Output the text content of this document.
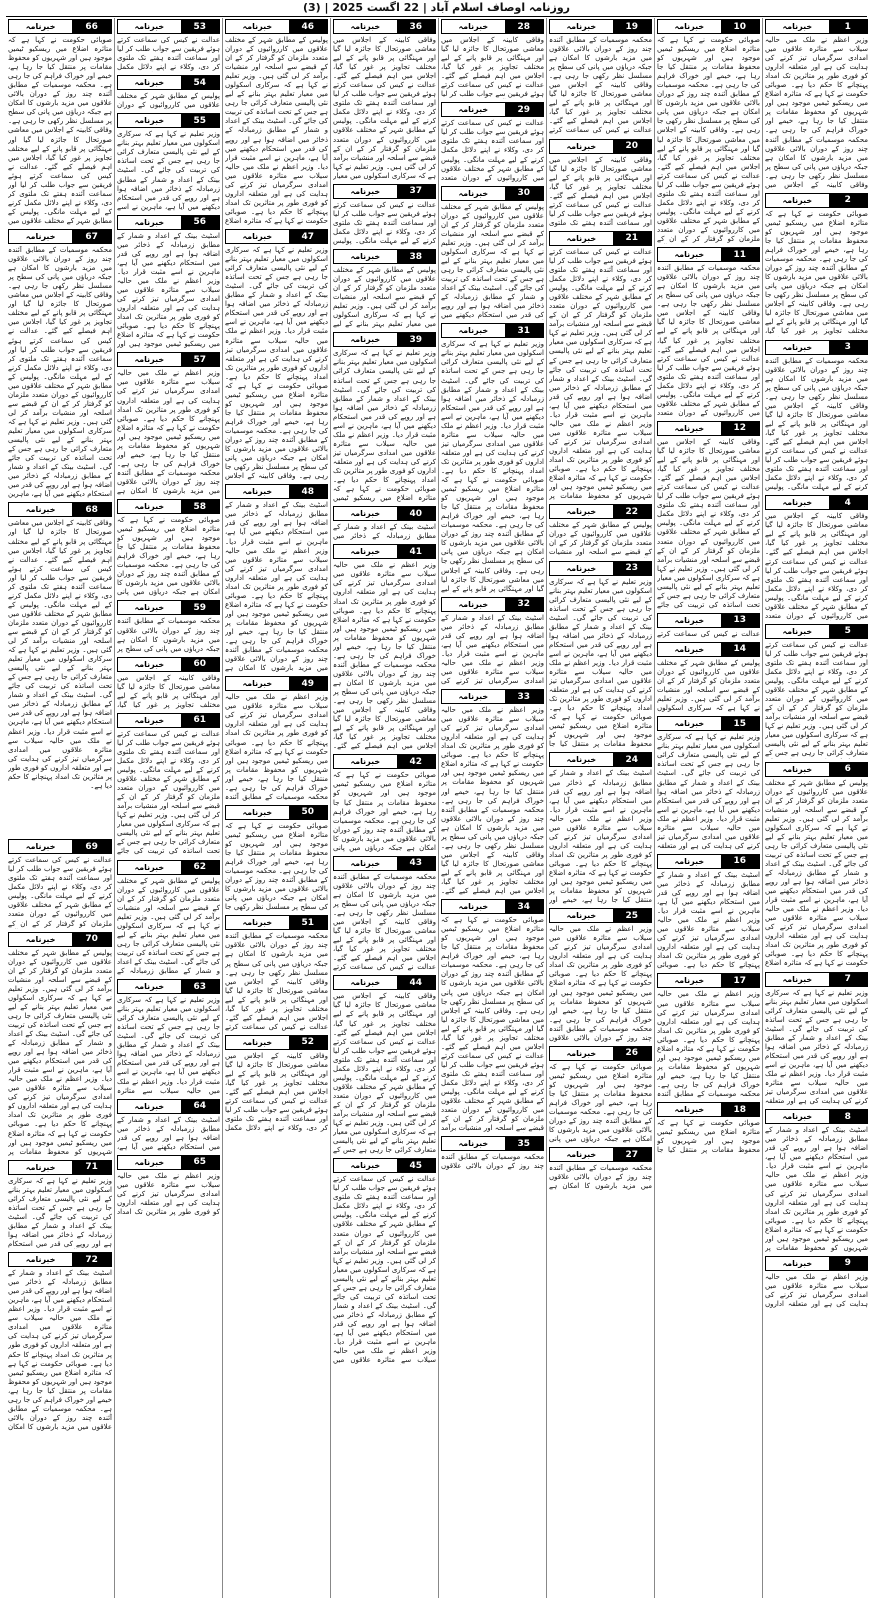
روزنامہ اوصاف اسلام آباد | 22 اگست 2025 | (3)
خبرنامہ	1
وزیر اعظم نے ملک میں حالیہ سیلاب سے متاثرہ علاقوں میں امدادی سرگرمیاں تیز کرنے کی ہدایت کی ہے اور متعلقہ اداروں کو فوری طور پر متاثرین تک امداد پہنچانے کا حکم دیا ہے۔ صوبائی حکومت نے کہا ہے کہ متاثرہ اضلاع میں ریسکیو ٹیمیں موجود ہیں اور شہریوں کو محفوظ مقامات پر منتقل کیا جا رہا ہے، خیمے اور خوراک فراہم کی جا رہی ہے۔ محکمہ موسمیات کے مطابق آئندہ چند روز کے دوران بالائی علاقوں میں مزید بارشوں کا امکان ہے جبکہ دریاؤں میں پانی کی سطح پر مسلسل نظر رکھی جا رہی ہے۔ وفاقی کابینہ کے اجلاس میں
خبرنامہ	2
صوبائی حکومت نے کہا ہے کہ متاثرہ اضلاع میں ریسکیو ٹیمیں موجود ہیں اور شہریوں کو محفوظ مقامات پر منتقل کیا جا رہا ہے، خیمے اور خوراک فراہم کی جا رہی ہے۔ محکمہ موسمیات کے مطابق آئندہ چند روز کے دوران بالائی علاقوں میں مزید بارشوں کا امکان ہے جبکہ دریاؤں میں پانی کی سطح پر مسلسل نظر رکھی جا رہی ہے۔ وفاقی کابینہ کے اجلاس میں معاشی صورتحال کا جائزہ لیا گیا اور مہنگائی پر قابو پانے کے لیے مختلف تجاویز پر غور کیا گیا،
خبرنامہ	3
محکمہ موسمیات کے مطابق آئندہ چند روز کے دوران بالائی علاقوں میں مزید بارشوں کا امکان ہے جبکہ دریاؤں میں پانی کی سطح پر مسلسل نظر رکھی جا رہی ہے۔ وفاقی کابینہ کے اجلاس میں معاشی صورتحال کا جائزہ لیا گیا اور مہنگائی پر قابو پانے کے لیے مختلف تجاویز پر غور کیا گیا، اجلاس میں اہم فیصلے کیے گئے۔ عدالت نے کیس کی سماعت کرتے ہوئے فریقین سے جواب طلب کر لیا اور سماعت آئندہ ہفتے تک ملتوی کر دی، وکلاء نے اپنے دلائل مکمل کرنے کے لیے مہلت مانگی۔ پولیس
خبرنامہ	4
وفاقی کابینہ کے اجلاس میں معاشی صورتحال کا جائزہ لیا گیا اور مہنگائی پر قابو پانے کے لیے مختلف تجاویز پر غور کیا گیا، اجلاس میں اہم فیصلے کیے گئے۔ عدالت نے کیس کی سماعت کرتے ہوئے فریقین سے جواب طلب کر لیا اور سماعت آئندہ ہفتے تک ملتوی کر دی، وکلاء نے اپنے دلائل مکمل کرنے کے لیے مہلت مانگی۔ پولیس کے مطابق شہر کے مختلف علاقوں میں کارروائیوں کے دوران متعدد
خبرنامہ	5
عدالت نے کیس کی سماعت کرتے ہوئے فریقین سے جواب طلب کر لیا اور سماعت آئندہ ہفتے تک ملتوی کر دی، وکلاء نے اپنے دلائل مکمل کرنے کے لیے مہلت مانگی۔ پولیس کے مطابق شہر کے مختلف علاقوں میں کارروائیوں کے دوران متعدد ملزمان کو گرفتار کر کے ان کے قبضے سے اسلحہ اور منشیات برآمد کر لی گئی ہیں۔ وزیر تعلیم نے کہا ہے کہ سرکاری اسکولوں میں معیار تعلیم بہتر بنانے کے لیے نئی پالیسی متعارف کرائی جا رہی ہے جس کے
خبرنامہ	6
پولیس کے مطابق شہر کے مختلف علاقوں میں کارروائیوں کے دوران متعدد ملزمان کو گرفتار کر کے ان کے قبضے سے اسلحہ اور منشیات برآمد کر لی گئی ہیں۔ وزیر تعلیم نے کہا ہے کہ سرکاری اسکولوں میں معیار تعلیم بہتر بنانے کے لیے نئی پالیسی متعارف کرائی جا رہی ہے جس کے تحت اساتذہ کی تربیت کی جائے گی۔ اسٹیٹ بینک کے اعداد و شمار کے مطابق زرمبادلہ کے ذخائر میں اضافہ ہوا ہے اور روپے کی قدر میں استحکام دیکھنے میں آیا ہے، ماہرین نے اسے مثبت قرار دیا۔ وزیر اعظم نے ملک میں حالیہ سیلاب سے متاثرہ علاقوں میں امدادی سرگرمیاں تیز کرنے کی ہدایت کی ہے اور متعلقہ اداروں کو فوری طور پر متاثرین تک امداد پہنچانے کا حکم دیا ہے۔ صوبائی حکومت نے کہا ہے کہ متاثرہ اضلاع
خبرنامہ	7
وزیر تعلیم نے کہا ہے کہ سرکاری اسکولوں میں معیار تعلیم بہتر بنانے کے لیے نئی پالیسی متعارف کرائی جا رہی ہے جس کے تحت اساتذہ کی تربیت کی جائے گی۔ اسٹیٹ بینک کے اعداد و شمار کے مطابق زرمبادلہ کے ذخائر میں اضافہ ہوا ہے اور روپے کی قدر میں استحکام دیکھنے میں آیا ہے، ماہرین نے اسے مثبت قرار دیا۔ وزیر اعظم نے ملک میں حالیہ سیلاب سے متاثرہ علاقوں میں امدادی سرگرمیاں تیز کرنے کی ہدایت کی ہے اور متعلقہ
خبرنامہ	8
اسٹیٹ بینک کے اعداد و شمار کے مطابق زرمبادلہ کے ذخائر میں اضافہ ہوا ہے اور روپے کی قدر میں استحکام دیکھنے میں آیا ہے، ماہرین نے اسے مثبت قرار دیا۔ وزیر اعظم نے ملک میں حالیہ سیلاب سے متاثرہ علاقوں میں امدادی سرگرمیاں تیز کرنے کی ہدایت کی ہے اور متعلقہ اداروں کو فوری طور پر متاثرین تک امداد پہنچانے کا حکم دیا ہے۔ صوبائی حکومت نے کہا ہے کہ متاثرہ اضلاع میں ریسکیو ٹیمیں موجود ہیں اور شہریوں کو محفوظ مقامات پر
خبرنامہ	9
وزیر اعظم نے ملک میں حالیہ سیلاب سے متاثرہ علاقوں میں امدادی سرگرمیاں تیز کرنے کی ہدایت کی ہے اور متعلقہ اداروں
خبرنامہ	10
صوبائی حکومت نے کہا ہے کہ متاثرہ اضلاع میں ریسکیو ٹیمیں موجود ہیں اور شہریوں کو محفوظ مقامات پر منتقل کیا جا رہا ہے، خیمے اور خوراک فراہم کی جا رہی ہے۔ محکمہ موسمیات کے مطابق آئندہ چند روز کے دوران بالائی علاقوں میں مزید بارشوں کا امکان ہے جبکہ دریاؤں میں پانی کی سطح پر مسلسل نظر رکھی جا رہی ہے۔ وفاقی کابینہ کے اجلاس میں معاشی صورتحال کا جائزہ لیا گیا اور مہنگائی پر قابو پانے کے لیے مختلف تجاویز پر غور کیا گیا، اجلاس میں اہم فیصلے کیے گئے۔ عدالت نے کیس کی سماعت کرتے ہوئے فریقین سے جواب طلب کر لیا اور سماعت آئندہ ہفتے تک ملتوی کر دی، وکلاء نے اپنے دلائل مکمل کرنے کے لیے مہلت مانگی۔ پولیس کے مطابق شہر کے مختلف علاقوں میں کارروائیوں کے دوران متعدد ملزمان کو گرفتار کر کے ان کے
خبرنامہ	11
محکمہ موسمیات کے مطابق آئندہ چند روز کے دوران بالائی علاقوں میں مزید بارشوں کا امکان ہے جبکہ دریاؤں میں پانی کی سطح پر مسلسل نظر رکھی جا رہی ہے۔ وفاقی کابینہ کے اجلاس میں معاشی صورتحال کا جائزہ لیا گیا اور مہنگائی پر قابو پانے کے لیے مختلف تجاویز پر غور کیا گیا، اجلاس میں اہم فیصلے کیے گئے۔ عدالت نے کیس کی سماعت کرتے ہوئے فریقین سے جواب طلب کر لیا اور سماعت آئندہ ہفتے تک ملتوی کر دی، وکلاء نے اپنے دلائل مکمل کرنے کے لیے مہلت مانگی۔ پولیس کے مطابق شہر کے مختلف علاقوں میں کارروائیوں کے دوران متعدد
خبرنامہ	12
وفاقی کابینہ کے اجلاس میں معاشی صورتحال کا جائزہ لیا گیا اور مہنگائی پر قابو پانے کے لیے مختلف تجاویز پر غور کیا گیا، اجلاس میں اہم فیصلے کیے گئے۔ عدالت نے کیس کی سماعت کرتے ہوئے فریقین سے جواب طلب کر لیا اور سماعت آئندہ ہفتے تک ملتوی کر دی، وکلاء نے اپنے دلائل مکمل کرنے کے لیے مہلت مانگی۔ پولیس کے مطابق شہر کے مختلف علاقوں میں کارروائیوں کے دوران متعدد ملزمان کو گرفتار کر کے ان کے قبضے سے اسلحہ اور منشیات برآمد کر لی گئی ہیں۔ وزیر تعلیم نے کہا ہے کہ سرکاری اسکولوں میں معیار تعلیم بہتر بنانے کے لیے نئی پالیسی متعارف کرائی جا رہی ہے جس کے تحت اساتذہ کی تربیت کی جائے
خبرنامہ	13
عدالت نے کیس کی سماعت کرتے
خبرنامہ	14
پولیس کے مطابق شہر کے مختلف علاقوں میں کارروائیوں کے دوران متعدد ملزمان کو گرفتار کر کے ان کے قبضے سے اسلحہ اور منشیات برآمد کر لی گئی ہیں۔ وزیر تعلیم نے کہا ہے کہ سرکاری اسکولوں
خبرنامہ	15
وزیر تعلیم نے کہا ہے کہ سرکاری اسکولوں میں معیار تعلیم بہتر بنانے کے لیے نئی پالیسی متعارف کرائی جا رہی ہے جس کے تحت اساتذہ کی تربیت کی جائے گی۔ اسٹیٹ بینک کے اعداد و شمار کے مطابق زرمبادلہ کے ذخائر میں اضافہ ہوا ہے اور روپے کی قدر میں استحکام دیکھنے میں آیا ہے، ماہرین نے اسے مثبت قرار دیا۔ وزیر اعظم نے ملک میں حالیہ سیلاب سے متاثرہ علاقوں میں امدادی سرگرمیاں تیز کرنے کی ہدایت کی ہے اور متعلقہ
خبرنامہ	16
اسٹیٹ بینک کے اعداد و شمار کے مطابق زرمبادلہ کے ذخائر میں اضافہ ہوا ہے اور روپے کی قدر میں استحکام دیکھنے میں آیا ہے، ماہرین نے اسے مثبت قرار دیا۔ وزیر اعظم نے ملک میں حالیہ سیلاب سے متاثرہ علاقوں میں امدادی سرگرمیاں تیز کرنے کی ہدایت کی ہے اور متعلقہ اداروں کو فوری طور پر متاثرین تک امداد پہنچانے کا حکم دیا ہے۔ صوبائی
خبرنامہ	17
وزیر اعظم نے ملک میں حالیہ سیلاب سے متاثرہ علاقوں میں امدادی سرگرمیاں تیز کرنے کی ہدایت کی ہے اور متعلقہ اداروں کو فوری طور پر متاثرین تک امداد پہنچانے کا حکم دیا ہے۔ صوبائی حکومت نے کہا ہے کہ متاثرہ اضلاع میں ریسکیو ٹیمیں موجود ہیں اور شہریوں کو محفوظ مقامات پر منتقل کیا جا رہا ہے، خیمے اور خوراک فراہم کی جا رہی ہے۔ محکمہ موسمیات کے مطابق آئندہ
خبرنامہ	18
صوبائی حکومت نے کہا ہے کہ متاثرہ اضلاع میں ریسکیو ٹیمیں موجود ہیں اور شہریوں کو محفوظ مقامات پر منتقل کیا جا
خبرنامہ	19
محکمہ موسمیات کے مطابق آئندہ چند روز کے دوران بالائی علاقوں میں مزید بارشوں کا امکان ہے جبکہ دریاؤں میں پانی کی سطح پر مسلسل نظر رکھی جا رہی ہے۔ وفاقی کابینہ کے اجلاس میں معاشی صورتحال کا جائزہ لیا گیا اور مہنگائی پر قابو پانے کے لیے مختلف تجاویز پر غور کیا گیا، اجلاس میں اہم فیصلے کیے گئے۔ عدالت نے کیس کی سماعت کرتے
خبرنامہ	20
وفاقی کابینہ کے اجلاس میں معاشی صورتحال کا جائزہ لیا گیا اور مہنگائی پر قابو پانے کے لیے مختلف تجاویز پر غور کیا گیا، اجلاس میں اہم فیصلے کیے گئے۔ عدالت نے کیس کی سماعت کرتے ہوئے فریقین سے جواب طلب کر لیا اور سماعت آئندہ ہفتے تک ملتوی
خبرنامہ	21
عدالت نے کیس کی سماعت کرتے ہوئے فریقین سے جواب طلب کر لیا اور سماعت آئندہ ہفتے تک ملتوی کر دی، وکلاء نے اپنے دلائل مکمل کرنے کے لیے مہلت مانگی۔ پولیس کے مطابق شہر کے مختلف علاقوں میں کارروائیوں کے دوران متعدد ملزمان کو گرفتار کر کے ان کے قبضے سے اسلحہ اور منشیات برآمد کر لی گئی ہیں۔ وزیر تعلیم نے کہا ہے کہ سرکاری اسکولوں میں معیار تعلیم بہتر بنانے کے لیے نئی پالیسی متعارف کرائی جا رہی ہے جس کے تحت اساتذہ کی تربیت کی جائے گی۔ اسٹیٹ بینک کے اعداد و شمار کے مطابق زرمبادلہ کے ذخائر میں اضافہ ہوا ہے اور روپے کی قدر میں استحکام دیکھنے میں آیا ہے، ماہرین نے اسے مثبت قرار دیا۔ وزیر اعظم نے ملک میں حالیہ سیلاب سے متاثرہ علاقوں میں امدادی سرگرمیاں تیز کرنے کی ہدایت کی ہے اور متعلقہ اداروں کو فوری طور پر متاثرین تک امداد پہنچانے کا حکم دیا ہے۔ صوبائی حکومت نے کہا ہے کہ متاثرہ اضلاع میں ریسکیو ٹیمیں موجود ہیں اور شہریوں کو محفوظ مقامات پر
خبرنامہ	22
پولیس کے مطابق شہر کے مختلف علاقوں میں کارروائیوں کے دوران متعدد ملزمان کو گرفتار کر کے ان کے قبضے سے اسلحہ اور منشیات
خبرنامہ	23
وزیر تعلیم نے کہا ہے کہ سرکاری اسکولوں میں معیار تعلیم بہتر بنانے کے لیے نئی پالیسی متعارف کرائی جا رہی ہے جس کے تحت اساتذہ کی تربیت کی جائے گی۔ اسٹیٹ بینک کے اعداد و شمار کے مطابق زرمبادلہ کے ذخائر میں اضافہ ہوا ہے اور روپے کی قدر میں استحکام دیکھنے میں آیا ہے، ماہرین نے اسے مثبت قرار دیا۔ وزیر اعظم نے ملک میں حالیہ سیلاب سے متاثرہ علاقوں میں امدادی سرگرمیاں تیز کرنے کی ہدایت کی ہے اور متعلقہ اداروں کو فوری طور پر متاثرین تک امداد پہنچانے کا حکم دیا ہے۔ صوبائی حکومت نے کہا ہے کہ متاثرہ اضلاع میں ریسکیو ٹیمیں موجود ہیں اور شہریوں کو محفوظ مقامات پر منتقل کیا جا
خبرنامہ	24
اسٹیٹ بینک کے اعداد و شمار کے مطابق زرمبادلہ کے ذخائر میں اضافہ ہوا ہے اور روپے کی قدر میں استحکام دیکھنے میں آیا ہے، ماہرین نے اسے مثبت قرار دیا۔ وزیر اعظم نے ملک میں حالیہ سیلاب سے متاثرہ علاقوں میں امدادی سرگرمیاں تیز کرنے کی ہدایت کی ہے اور متعلقہ اداروں کو فوری طور پر متاثرین تک امداد پہنچانے کا حکم دیا ہے۔ صوبائی حکومت نے کہا ہے کہ متاثرہ اضلاع میں ریسکیو ٹیمیں موجود ہیں اور شہریوں کو محفوظ مقامات پر منتقل کیا جا رہا ہے، خیمے اور
خبرنامہ	25
وزیر اعظم نے ملک میں حالیہ سیلاب سے متاثرہ علاقوں میں امدادی سرگرمیاں تیز کرنے کی ہدایت کی ہے اور متعلقہ اداروں کو فوری طور پر متاثرین تک امداد پہنچانے کا حکم دیا ہے۔ صوبائی حکومت نے کہا ہے کہ متاثرہ اضلاع میں ریسکیو ٹیمیں موجود ہیں اور شہریوں کو محفوظ مقامات پر منتقل کیا جا رہا ہے، خیمے اور خوراک فراہم کی جا رہی ہے۔ محکمہ موسمیات کے مطابق آئندہ چند روز کے دوران بالائی علاقوں
خبرنامہ	26
صوبائی حکومت نے کہا ہے کہ متاثرہ اضلاع میں ریسکیو ٹیمیں موجود ہیں اور شہریوں کو محفوظ مقامات پر منتقل کیا جا رہا ہے، خیمے اور خوراک فراہم کی جا رہی ہے۔ محکمہ موسمیات کے مطابق آئندہ چند روز کے دوران بالائی علاقوں میں مزید بارشوں کا امکان ہے جبکہ دریاؤں میں پانی
خبرنامہ	27
محکمہ موسمیات کے مطابق آئندہ چند روز کے دوران بالائی علاقوں میں مزید بارشوں کا امکان ہے
خبرنامہ	28
وفاقی کابینہ کے اجلاس میں معاشی صورتحال کا جائزہ لیا گیا اور مہنگائی پر قابو پانے کے لیے مختلف تجاویز پر غور کیا گیا، اجلاس میں اہم فیصلے کیے گئے۔ عدالت نے کیس کی سماعت کرتے ہوئے فریقین سے جواب طلب کر لیا
خبرنامہ	29
عدالت نے کیس کی سماعت کرتے ہوئے فریقین سے جواب طلب کر لیا اور سماعت آئندہ ہفتے تک ملتوی کر دی، وکلاء نے اپنے دلائل مکمل کرنے کے لیے مہلت مانگی۔ پولیس کے مطابق شہر کے مختلف علاقوں میں کارروائیوں کے دوران متعدد
خبرنامہ	30
پولیس کے مطابق شہر کے مختلف علاقوں میں کارروائیوں کے دوران متعدد ملزمان کو گرفتار کر کے ان کے قبضے سے اسلحہ اور منشیات برآمد کر لی گئی ہیں۔ وزیر تعلیم نے کہا ہے کہ سرکاری اسکولوں میں معیار تعلیم بہتر بنانے کے لیے نئی پالیسی متعارف کرائی جا رہی ہے جس کے تحت اساتذہ کی تربیت کی جائے گی۔ اسٹیٹ بینک کے اعداد و شمار کے مطابق زرمبادلہ کے ذخائر میں اضافہ ہوا ہے اور روپے کی قدر میں استحکام دیکھنے میں
خبرنامہ	31
وزیر تعلیم نے کہا ہے کہ سرکاری اسکولوں میں معیار تعلیم بہتر بنانے کے لیے نئی پالیسی متعارف کرائی جا رہی ہے جس کے تحت اساتذہ کی تربیت کی جائے گی۔ اسٹیٹ بینک کے اعداد و شمار کے مطابق زرمبادلہ کے ذخائر میں اضافہ ہوا ہے اور روپے کی قدر میں استحکام دیکھنے میں آیا ہے، ماہرین نے اسے مثبت قرار دیا۔ وزیر اعظم نے ملک میں حالیہ سیلاب سے متاثرہ علاقوں میں امدادی سرگرمیاں تیز کرنے کی ہدایت کی ہے اور متعلقہ اداروں کو فوری طور پر متاثرین تک امداد پہنچانے کا حکم دیا ہے۔ صوبائی حکومت نے کہا ہے کہ متاثرہ اضلاع میں ریسکیو ٹیمیں موجود ہیں اور شہریوں کو محفوظ مقامات پر منتقل کیا جا رہا ہے، خیمے اور خوراک فراہم کی جا رہی ہے۔ محکمہ موسمیات کے مطابق آئندہ چند روز کے دوران بالائی علاقوں میں مزید بارشوں کا امکان ہے جبکہ دریاؤں میں پانی کی سطح پر مسلسل نظر رکھی جا رہی ہے۔ وفاقی کابینہ کے اجلاس میں معاشی صورتحال کا جائزہ لیا گیا اور مہنگائی پر قابو پانے کے لیے
خبرنامہ	32
اسٹیٹ بینک کے اعداد و شمار کے مطابق زرمبادلہ کے ذخائر میں اضافہ ہوا ہے اور روپے کی قدر میں استحکام دیکھنے میں آیا ہے، ماہرین نے اسے مثبت قرار دیا۔ وزیر اعظم نے ملک میں حالیہ سیلاب سے متاثرہ علاقوں میں امدادی سرگرمیاں تیز کرنے کی
خبرنامہ	33
وزیر اعظم نے ملک میں حالیہ سیلاب سے متاثرہ علاقوں میں امدادی سرگرمیاں تیز کرنے کی ہدایت کی ہے اور متعلقہ اداروں کو فوری طور پر متاثرین تک امداد پہنچانے کا حکم دیا ہے۔ صوبائی حکومت نے کہا ہے کہ متاثرہ اضلاع میں ریسکیو ٹیمیں موجود ہیں اور شہریوں کو محفوظ مقامات پر منتقل کیا جا رہا ہے، خیمے اور خوراک فراہم کی جا رہی ہے۔ محکمہ موسمیات کے مطابق آئندہ چند روز کے دوران بالائی علاقوں میں مزید بارشوں کا امکان ہے جبکہ دریاؤں میں پانی کی سطح پر مسلسل نظر رکھی جا رہی ہے۔ وفاقی کابینہ کے اجلاس میں معاشی صورتحال کا جائزہ لیا گیا اور مہنگائی پر قابو پانے کے لیے مختلف تجاویز پر غور کیا گیا، اجلاس میں اہم فیصلے کیے گئے۔
خبرنامہ	34
صوبائی حکومت نے کہا ہے کہ متاثرہ اضلاع میں ریسکیو ٹیمیں موجود ہیں اور شہریوں کو محفوظ مقامات پر منتقل کیا جا رہا ہے، خیمے اور خوراک فراہم کی جا رہی ہے۔ محکمہ موسمیات کے مطابق آئندہ چند روز کے دوران بالائی علاقوں میں مزید بارشوں کا امکان ہے جبکہ دریاؤں میں پانی کی سطح پر مسلسل نظر رکھی جا رہی ہے۔ وفاقی کابینہ کے اجلاس میں معاشی صورتحال کا جائزہ لیا گیا اور مہنگائی پر قابو پانے کے لیے مختلف تجاویز پر غور کیا گیا، اجلاس میں اہم فیصلے کیے گئے۔ عدالت نے کیس کی سماعت کرتے ہوئے فریقین سے جواب طلب کر لیا اور سماعت آئندہ ہفتے تک ملتوی کر دی، وکلاء نے اپنے دلائل مکمل کرنے کے لیے مہلت مانگی۔ پولیس کے مطابق شہر کے مختلف علاقوں میں کارروائیوں کے دوران متعدد ملزمان کو گرفتار کر کے ان کے قبضے سے اسلحہ اور منشیات برآمد
خبرنامہ	35
محکمہ موسمیات کے مطابق آئندہ چند روز کے دوران بالائی علاقوں
خبرنامہ	36
وفاقی کابینہ کے اجلاس میں معاشی صورتحال کا جائزہ لیا گیا اور مہنگائی پر قابو پانے کے لیے مختلف تجاویز پر غور کیا گیا، اجلاس میں اہم فیصلے کیے گئے۔ عدالت نے کیس کی سماعت کرتے ہوئے فریقین سے جواب طلب کر لیا اور سماعت آئندہ ہفتے تک ملتوی کر دی، وکلاء نے اپنے دلائل مکمل کرنے کے لیے مہلت مانگی۔ پولیس کے مطابق شہر کے مختلف علاقوں میں کارروائیوں کے دوران متعدد ملزمان کو گرفتار کر کے ان کے قبضے سے اسلحہ اور منشیات برآمد کر لی گئی ہیں۔ وزیر تعلیم نے کہا ہے کہ سرکاری اسکولوں میں معیار
خبرنامہ	37
عدالت نے کیس کی سماعت کرتے ہوئے فریقین سے جواب طلب کر لیا اور سماعت آئندہ ہفتے تک ملتوی کر دی، وکلاء نے اپنے دلائل مکمل کرنے کے لیے مہلت مانگی۔ پولیس
خبرنامہ	38
پولیس کے مطابق شہر کے مختلف علاقوں میں کارروائیوں کے دوران متعدد ملزمان کو گرفتار کر کے ان کے قبضے سے اسلحہ اور منشیات برآمد کر لی گئی ہیں۔ وزیر تعلیم نے کہا ہے کہ سرکاری اسکولوں میں معیار تعلیم بہتر بنانے کے لیے
خبرنامہ	39
وزیر تعلیم نے کہا ہے کہ سرکاری اسکولوں میں معیار تعلیم بہتر بنانے کے لیے نئی پالیسی متعارف کرائی جا رہی ہے جس کے تحت اساتذہ کی تربیت کی جائے گی۔ اسٹیٹ بینک کے اعداد و شمار کے مطابق زرمبادلہ کے ذخائر میں اضافہ ہوا ہے اور روپے کی قدر میں استحکام دیکھنے میں آیا ہے، ماہرین نے اسے مثبت قرار دیا۔ وزیر اعظم نے ملک میں حالیہ سیلاب سے متاثرہ علاقوں میں امدادی سرگرمیاں تیز کرنے کی ہدایت کی ہے اور متعلقہ اداروں کو فوری طور پر متاثرین تک امداد پہنچانے کا حکم دیا ہے۔ صوبائی حکومت نے کہا ہے کہ متاثرہ اضلاع میں ریسکیو ٹیمیں
خبرنامہ	40
اسٹیٹ بینک کے اعداد و شمار کے مطابق زرمبادلہ کے ذخائر میں
خبرنامہ	41
وزیر اعظم نے ملک میں حالیہ سیلاب سے متاثرہ علاقوں میں امدادی سرگرمیاں تیز کرنے کی ہدایت کی ہے اور متعلقہ اداروں کو فوری طور پر متاثرین تک امداد پہنچانے کا حکم دیا ہے۔ صوبائی حکومت نے کہا ہے کہ متاثرہ اضلاع میں ریسکیو ٹیمیں موجود ہیں اور شہریوں کو محفوظ مقامات پر منتقل کیا جا رہا ہے، خیمے اور خوراک فراہم کی جا رہی ہے۔ محکمہ موسمیات کے مطابق آئندہ چند روز کے دوران بالائی علاقوں میں مزید بارشوں کا امکان ہے جبکہ دریاؤں میں پانی کی سطح پر مسلسل نظر رکھی جا رہی ہے۔ وفاقی کابینہ کے اجلاس میں معاشی صورتحال کا جائزہ لیا گیا اور مہنگائی پر قابو پانے کے لیے مختلف تجاویز پر غور کیا گیا، اجلاس میں اہم فیصلے کیے گئے۔
خبرنامہ	42
صوبائی حکومت نے کہا ہے کہ متاثرہ اضلاع میں ریسکیو ٹیمیں موجود ہیں اور شہریوں کو محفوظ مقامات پر منتقل کیا جا رہا ہے، خیمے اور خوراک فراہم کی جا رہی ہے۔ محکمہ موسمیات کے مطابق آئندہ چند روز کے دوران بالائی علاقوں میں مزید بارشوں کا امکان ہے جبکہ دریاؤں میں پانی
خبرنامہ	43
محکمہ موسمیات کے مطابق آئندہ چند روز کے دوران بالائی علاقوں میں مزید بارشوں کا امکان ہے جبکہ دریاؤں میں پانی کی سطح پر مسلسل نظر رکھی جا رہی ہے۔ وفاقی کابینہ کے اجلاس میں معاشی صورتحال کا جائزہ لیا گیا اور مہنگائی پر قابو پانے کے لیے مختلف تجاویز پر غور کیا گیا، اجلاس میں اہم فیصلے کیے گئے۔ عدالت نے کیس کی سماعت کرتے
خبرنامہ	44
وفاقی کابینہ کے اجلاس میں معاشی صورتحال کا جائزہ لیا گیا اور مہنگائی پر قابو پانے کے لیے مختلف تجاویز پر غور کیا گیا، اجلاس میں اہم فیصلے کیے گئے۔ عدالت نے کیس کی سماعت کرتے ہوئے فریقین سے جواب طلب کر لیا اور سماعت آئندہ ہفتے تک ملتوی کر دی، وکلاء نے اپنے دلائل مکمل کرنے کے لیے مہلت مانگی۔ پولیس کے مطابق شہر کے مختلف علاقوں میں کارروائیوں کے دوران متعدد ملزمان کو گرفتار کر کے ان کے قبضے سے اسلحہ اور منشیات برآمد کر لی گئی ہیں۔ وزیر تعلیم نے کہا ہے کہ سرکاری اسکولوں میں معیار تعلیم بہتر بنانے کے لیے نئی پالیسی متعارف کرائی جا رہی ہے جس کے
خبرنامہ	45
عدالت نے کیس کی سماعت کرتے ہوئے فریقین سے جواب طلب کر لیا اور سماعت آئندہ ہفتے تک ملتوی کر دی، وکلاء نے اپنے دلائل مکمل کرنے کے لیے مہلت مانگی۔ پولیس کے مطابق شہر کے مختلف علاقوں میں کارروائیوں کے دوران متعدد ملزمان کو گرفتار کر کے ان کے قبضے سے اسلحہ اور منشیات برآمد کر لی گئی ہیں۔ وزیر تعلیم نے کہا ہے کہ سرکاری اسکولوں میں معیار تعلیم بہتر بنانے کے لیے نئی پالیسی متعارف کرائی جا رہی ہے جس کے تحت اساتذہ کی تربیت کی جائے گی۔ اسٹیٹ بینک کے اعداد و شمار کے مطابق زرمبادلہ کے ذخائر میں اضافہ ہوا ہے اور روپے کی قدر میں استحکام دیکھنے میں آیا ہے، ماہرین نے اسے مثبت قرار دیا۔ وزیر اعظم نے ملک میں حالیہ سیلاب سے متاثرہ علاقوں میں
خبرنامہ	46
پولیس کے مطابق شہر کے مختلف علاقوں میں کارروائیوں کے دوران متعدد ملزمان کو گرفتار کر کے ان کے قبضے سے اسلحہ اور منشیات برآمد کر لی گئی ہیں۔ وزیر تعلیم نے کہا ہے کہ سرکاری اسکولوں میں معیار تعلیم بہتر بنانے کے لیے نئی پالیسی متعارف کرائی جا رہی ہے جس کے تحت اساتذہ کی تربیت کی جائے گی۔ اسٹیٹ بینک کے اعداد و شمار کے مطابق زرمبادلہ کے ذخائر میں اضافہ ہوا ہے اور روپے کی قدر میں استحکام دیکھنے میں آیا ہے، ماہرین نے اسے مثبت قرار دیا۔ وزیر اعظم نے ملک میں حالیہ سیلاب سے متاثرہ علاقوں میں امدادی سرگرمیاں تیز کرنے کی ہدایت کی ہے اور متعلقہ اداروں کو فوری طور پر متاثرین تک امداد پہنچانے کا حکم دیا ہے۔ صوبائی حکومت نے کہا ہے کہ متاثرہ اضلاع
خبرنامہ	47
وزیر تعلیم نے کہا ہے کہ سرکاری اسکولوں میں معیار تعلیم بہتر بنانے کے لیے نئی پالیسی متعارف کرائی جا رہی ہے جس کے تحت اساتذہ کی تربیت کی جائے گی۔ اسٹیٹ بینک کے اعداد و شمار کے مطابق زرمبادلہ کے ذخائر میں اضافہ ہوا ہے اور روپے کی قدر میں استحکام دیکھنے میں آیا ہے، ماہرین نے اسے مثبت قرار دیا۔ وزیر اعظم نے ملک میں حالیہ سیلاب سے متاثرہ علاقوں میں امدادی سرگرمیاں تیز کرنے کی ہدایت کی ہے اور متعلقہ اداروں کو فوری طور پر متاثرین تک امداد پہنچانے کا حکم دیا ہے۔ صوبائی حکومت نے کہا ہے کہ متاثرہ اضلاع میں ریسکیو ٹیمیں موجود ہیں اور شہریوں کو محفوظ مقامات پر منتقل کیا جا رہا ہے، خیمے اور خوراک فراہم کی جا رہی ہے۔ محکمہ موسمیات کے مطابق آئندہ چند روز کے دوران بالائی علاقوں میں مزید بارشوں کا امکان ہے جبکہ دریاؤں میں پانی کی سطح پر مسلسل نظر رکھی جا رہی ہے۔ وفاقی کابینہ کے اجلاس
خبرنامہ	48
اسٹیٹ بینک کے اعداد و شمار کے مطابق زرمبادلہ کے ذخائر میں اضافہ ہوا ہے اور روپے کی قدر میں استحکام دیکھنے میں آیا ہے، ماہرین نے اسے مثبت قرار دیا۔ وزیر اعظم نے ملک میں حالیہ سیلاب سے متاثرہ علاقوں میں امدادی سرگرمیاں تیز کرنے کی ہدایت کی ہے اور متعلقہ اداروں کو فوری طور پر متاثرین تک امداد پہنچانے کا حکم دیا ہے۔ صوبائی حکومت نے کہا ہے کہ متاثرہ اضلاع میں ریسکیو ٹیمیں موجود ہیں اور شہریوں کو محفوظ مقامات پر منتقل کیا جا رہا ہے، خیمے اور خوراک فراہم کی جا رہی ہے۔ محکمہ موسمیات کے مطابق آئندہ چند روز کے دوران بالائی علاقوں میں مزید بارشوں کا امکان ہے
خبرنامہ	49
وزیر اعظم نے ملک میں حالیہ سیلاب سے متاثرہ علاقوں میں امدادی سرگرمیاں تیز کرنے کی ہدایت کی ہے اور متعلقہ اداروں کو فوری طور پر متاثرین تک امداد پہنچانے کا حکم دیا ہے۔ صوبائی حکومت نے کہا ہے کہ متاثرہ اضلاع میں ریسکیو ٹیمیں موجود ہیں اور شہریوں کو محفوظ مقامات پر منتقل کیا جا رہا ہے، خیمے اور خوراک فراہم کی جا رہی ہے۔ محکمہ موسمیات کے مطابق آئندہ
خبرنامہ	50
صوبائی حکومت نے کہا ہے کہ متاثرہ اضلاع میں ریسکیو ٹیمیں موجود ہیں اور شہریوں کو محفوظ مقامات پر منتقل کیا جا رہا ہے، خیمے اور خوراک فراہم کی جا رہی ہے۔ محکمہ موسمیات کے مطابق آئندہ چند روز کے دوران بالائی علاقوں میں مزید بارشوں کا امکان ہے جبکہ دریاؤں میں پانی کی سطح پر مسلسل نظر رکھی جا
خبرنامہ	51
محکمہ موسمیات کے مطابق آئندہ چند روز کے دوران بالائی علاقوں میں مزید بارشوں کا امکان ہے جبکہ دریاؤں میں پانی کی سطح پر مسلسل نظر رکھی جا رہی ہے۔ وفاقی کابینہ کے اجلاس میں معاشی صورتحال کا جائزہ لیا گیا اور مہنگائی پر قابو پانے کے لیے مختلف تجاویز پر غور کیا گیا، اجلاس میں اہم فیصلے کیے گئے۔ عدالت نے کیس کی سماعت کرتے
خبرنامہ	52
وفاقی کابینہ کے اجلاس میں معاشی صورتحال کا جائزہ لیا گیا اور مہنگائی پر قابو پانے کے لیے مختلف تجاویز پر غور کیا گیا، اجلاس میں اہم فیصلے کیے گئے۔ عدالت نے کیس کی سماعت کرتے ہوئے فریقین سے جواب طلب کر لیا اور سماعت آئندہ ہفتے تک ملتوی کر دی، وکلاء نے اپنے دلائل مکمل
خبرنامہ	53
عدالت نے کیس کی سماعت کرتے ہوئے فریقین سے جواب طلب کر لیا اور سماعت آئندہ ہفتے تک ملتوی کر دی، وکلاء نے اپنے دلائل مکمل
خبرنامہ	54
پولیس کے مطابق شہر کے مختلف علاقوں میں کارروائیوں کے دوران
خبرنامہ	55
وزیر تعلیم نے کہا ہے کہ سرکاری اسکولوں میں معیار تعلیم بہتر بنانے کے لیے نئی پالیسی متعارف کرائی جا رہی ہے جس کے تحت اساتذہ کی تربیت کی جائے گی۔ اسٹیٹ بینک کے اعداد و شمار کے مطابق زرمبادلہ کے ذخائر میں اضافہ ہوا ہے اور روپے کی قدر میں استحکام دیکھنے میں آیا ہے، ماہرین نے اسے
خبرنامہ	56
اسٹیٹ بینک کے اعداد و شمار کے مطابق زرمبادلہ کے ذخائر میں اضافہ ہوا ہے اور روپے کی قدر میں استحکام دیکھنے میں آیا ہے، ماہرین نے اسے مثبت قرار دیا۔ وزیر اعظم نے ملک میں حالیہ سیلاب سے متاثرہ علاقوں میں امدادی سرگرمیاں تیز کرنے کی ہدایت کی ہے اور متعلقہ اداروں کو فوری طور پر متاثرین تک امداد پہنچانے کا حکم دیا ہے۔ صوبائی حکومت نے کہا ہے کہ متاثرہ اضلاع میں ریسکیو ٹیمیں موجود ہیں اور
خبرنامہ	57
وزیر اعظم نے ملک میں حالیہ سیلاب سے متاثرہ علاقوں میں امدادی سرگرمیاں تیز کرنے کی ہدایت کی ہے اور متعلقہ اداروں کو فوری طور پر متاثرین تک امداد پہنچانے کا حکم دیا ہے۔ صوبائی حکومت نے کہا ہے کہ متاثرہ اضلاع میں ریسکیو ٹیمیں موجود ہیں اور شہریوں کو محفوظ مقامات پر منتقل کیا جا رہا ہے، خیمے اور خوراک فراہم کی جا رہی ہے۔ محکمہ موسمیات کے مطابق آئندہ چند روز کے دوران بالائی علاقوں میں مزید بارشوں کا امکان ہے
خبرنامہ	58
صوبائی حکومت نے کہا ہے کہ متاثرہ اضلاع میں ریسکیو ٹیمیں موجود ہیں اور شہریوں کو محفوظ مقامات پر منتقل کیا جا رہا ہے، خیمے اور خوراک فراہم کی جا رہی ہے۔ محکمہ موسمیات کے مطابق آئندہ چند روز کے دوران بالائی علاقوں میں مزید بارشوں کا امکان ہے جبکہ دریاؤں میں پانی
خبرنامہ	59
محکمہ موسمیات کے مطابق آئندہ چند روز کے دوران بالائی علاقوں میں مزید بارشوں کا امکان ہے جبکہ دریاؤں میں پانی کی سطح پر
خبرنامہ	60
وفاقی کابینہ کے اجلاس میں معاشی صورتحال کا جائزہ لیا گیا اور مہنگائی پر قابو پانے کے لیے مختلف تجاویز پر غور کیا گیا،
خبرنامہ	61
عدالت نے کیس کی سماعت کرتے ہوئے فریقین سے جواب طلب کر لیا اور سماعت آئندہ ہفتے تک ملتوی کر دی، وکلاء نے اپنے دلائل مکمل کرنے کے لیے مہلت مانگی۔ پولیس کے مطابق شہر کے مختلف علاقوں میں کارروائیوں کے دوران متعدد ملزمان کو گرفتار کر کے ان کے قبضے سے اسلحہ اور منشیات برآمد کر لی گئی ہیں۔ وزیر تعلیم نے کہا ہے کہ سرکاری اسکولوں میں معیار تعلیم بہتر بنانے کے لیے نئی پالیسی متعارف کرائی جا رہی ہے جس کے تحت اساتذہ کی تربیت کی جائے
خبرنامہ	62
پولیس کے مطابق شہر کے مختلف علاقوں میں کارروائیوں کے دوران متعدد ملزمان کو گرفتار کر کے ان کے قبضے سے اسلحہ اور منشیات برآمد کر لی گئی ہیں۔ وزیر تعلیم نے کہا ہے کہ سرکاری اسکولوں میں معیار تعلیم بہتر بنانے کے لیے نئی پالیسی متعارف کرائی جا رہی ہے جس کے تحت اساتذہ کی تربیت کی جائے گی۔ اسٹیٹ بینک کے اعداد و شمار کے مطابق زرمبادلہ کے
خبرنامہ	63
وزیر تعلیم نے کہا ہے کہ سرکاری اسکولوں میں معیار تعلیم بہتر بنانے کے لیے نئی پالیسی متعارف کرائی جا رہی ہے جس کے تحت اساتذہ کی تربیت کی جائے گی۔ اسٹیٹ بینک کے اعداد و شمار کے مطابق زرمبادلہ کے ذخائر میں اضافہ ہوا ہے اور روپے کی قدر میں استحکام دیکھنے میں آیا ہے، ماہرین نے اسے مثبت قرار دیا۔ وزیر اعظم نے ملک میں حالیہ سیلاب سے متاثرہ
خبرنامہ	64
اسٹیٹ بینک کے اعداد و شمار کے مطابق زرمبادلہ کے ذخائر میں اضافہ ہوا ہے اور روپے کی قدر میں استحکام دیکھنے میں آیا ہے،
خبرنامہ	65
وزیر اعظم نے ملک میں حالیہ سیلاب سے متاثرہ علاقوں میں امدادی سرگرمیاں تیز کرنے کی ہدایت کی ہے اور متعلقہ اداروں کو فوری طور پر متاثرین تک امداد
خبرنامہ	66
صوبائی حکومت نے کہا ہے کہ متاثرہ اضلاع میں ریسکیو ٹیمیں موجود ہیں اور شہریوں کو محفوظ مقامات پر منتقل کیا جا رہا ہے، خیمے اور خوراک فراہم کی جا رہی ہے۔ محکمہ موسمیات کے مطابق آئندہ چند روز کے دوران بالائی علاقوں میں مزید بارشوں کا امکان ہے جبکہ دریاؤں میں پانی کی سطح پر مسلسل نظر رکھی جا رہی ہے۔ وفاقی کابینہ کے اجلاس میں معاشی صورتحال کا جائزہ لیا گیا اور مہنگائی پر قابو پانے کے لیے مختلف تجاویز پر غور کیا گیا، اجلاس میں اہم فیصلے کیے گئے۔ عدالت نے کیس کی سماعت کرتے ہوئے فریقین سے جواب طلب کر لیا اور سماعت آئندہ ہفتے تک ملتوی کر دی، وکلاء نے اپنے دلائل مکمل کرنے کے لیے مہلت مانگی۔ پولیس کے مطابق شہر کے مختلف علاقوں میں
خبرنامہ	67
محکمہ موسمیات کے مطابق آئندہ چند روز کے دوران بالائی علاقوں میں مزید بارشوں کا امکان ہے جبکہ دریاؤں میں پانی کی سطح پر مسلسل نظر رکھی جا رہی ہے۔ وفاقی کابینہ کے اجلاس میں معاشی صورتحال کا جائزہ لیا گیا اور مہنگائی پر قابو پانے کے لیے مختلف تجاویز پر غور کیا گیا، اجلاس میں اہم فیصلے کیے گئے۔ عدالت نے کیس کی سماعت کرتے ہوئے فریقین سے جواب طلب کر لیا اور سماعت آئندہ ہفتے تک ملتوی کر دی، وکلاء نے اپنے دلائل مکمل کرنے کے لیے مہلت مانگی۔ پولیس کے مطابق شہر کے مختلف علاقوں میں کارروائیوں کے دوران متعدد ملزمان کو گرفتار کر کے ان کے قبضے سے اسلحہ اور منشیات برآمد کر لی گئی ہیں۔ وزیر تعلیم نے کہا ہے کہ سرکاری اسکولوں میں معیار تعلیم بہتر بنانے کے لیے نئی پالیسی متعارف کرائی جا رہی ہے جس کے تحت اساتذہ کی تربیت کی جائے گی۔ اسٹیٹ بینک کے اعداد و شمار کے مطابق زرمبادلہ کے ذخائر میں اضافہ ہوا ہے اور روپے کی قدر میں استحکام دیکھنے میں آیا ہے، ماہرین
خبرنامہ	68
وفاقی کابینہ کے اجلاس میں معاشی صورتحال کا جائزہ لیا گیا اور مہنگائی پر قابو پانے کے لیے مختلف تجاویز پر غور کیا گیا، اجلاس میں اہم فیصلے کیے گئے۔ عدالت نے کیس کی سماعت کرتے ہوئے فریقین سے جواب طلب کر لیا اور سماعت آئندہ ہفتے تک ملتوی کر دی، وکلاء نے اپنے دلائل مکمل کرنے کے لیے مہلت مانگی۔ پولیس کے مطابق شہر کے مختلف علاقوں میں کارروائیوں کے دوران متعدد ملزمان کو گرفتار کر کے ان کے قبضے سے اسلحہ اور منشیات برآمد کر لی گئی ہیں۔ وزیر تعلیم نے کہا ہے کہ سرکاری اسکولوں میں معیار تعلیم بہتر بنانے کے لیے نئی پالیسی متعارف کرائی جا رہی ہے جس کے تحت اساتذہ کی تربیت کی جائے گی۔ اسٹیٹ بینک کے اعداد و شمار کے مطابق زرمبادلہ کے ذخائر میں اضافہ ہوا ہے اور روپے کی قدر میں استحکام دیکھنے میں آیا ہے، ماہرین نے اسے مثبت قرار دیا۔ وزیر اعظم نے ملک میں حالیہ سیلاب سے متاثرہ علاقوں میں امدادی سرگرمیاں تیز کرنے کی ہدایت کی ہے اور متعلقہ اداروں کو فوری طور پر متاثرین تک امداد پہنچانے کا حکم دیا ہے۔
خبرنامہ	69
عدالت نے کیس کی سماعت کرتے ہوئے فریقین سے جواب طلب کر لیا اور سماعت آئندہ ہفتے تک ملتوی کر دی، وکلاء نے اپنے دلائل مکمل کرنے کے لیے مہلت مانگی۔ پولیس کے مطابق شہر کے مختلف علاقوں میں کارروائیوں کے دوران متعدد ملزمان کو گرفتار کر کے ان کے
خبرنامہ	70
پولیس کے مطابق شہر کے مختلف علاقوں میں کارروائیوں کے دوران متعدد ملزمان کو گرفتار کر کے ان کے قبضے سے اسلحہ اور منشیات برآمد کر لی گئی ہیں۔ وزیر تعلیم نے کہا ہے کہ سرکاری اسکولوں میں معیار تعلیم بہتر بنانے کے لیے نئی پالیسی متعارف کرائی جا رہی ہے جس کے تحت اساتذہ کی تربیت کی جائے گی۔ اسٹیٹ بینک کے اعداد و شمار کے مطابق زرمبادلہ کے ذخائر میں اضافہ ہوا ہے اور روپے کی قدر میں استحکام دیکھنے میں آیا ہے، ماہرین نے اسے مثبت قرار دیا۔ وزیر اعظم نے ملک میں حالیہ سیلاب سے متاثرہ علاقوں میں امدادی سرگرمیاں تیز کرنے کی ہدایت کی ہے اور متعلقہ اداروں کو فوری طور پر متاثرین تک امداد پہنچانے کا حکم دیا ہے۔ صوبائی حکومت نے کہا ہے کہ متاثرہ اضلاع میں ریسکیو ٹیمیں موجود ہیں اور شہریوں کو محفوظ مقامات پر
خبرنامہ	71
وزیر تعلیم نے کہا ہے کہ سرکاری اسکولوں میں معیار تعلیم بہتر بنانے کے لیے نئی پالیسی متعارف کرائی جا رہی ہے جس کے تحت اساتذہ کی تربیت کی جائے گی۔ اسٹیٹ بینک کے اعداد و شمار کے مطابق زرمبادلہ کے ذخائر میں اضافہ ہوا ہے اور روپے کی قدر میں استحکام
خبرنامہ	72
اسٹیٹ بینک کے اعداد و شمار کے مطابق زرمبادلہ کے ذخائر میں اضافہ ہوا ہے اور روپے کی قدر میں استحکام دیکھنے میں آیا ہے، ماہرین نے اسے مثبت قرار دیا۔ وزیر اعظم نے ملک میں حالیہ سیلاب سے متاثرہ علاقوں میں امدادی سرگرمیاں تیز کرنے کی ہدایت کی ہے اور متعلقہ اداروں کو فوری طور پر متاثرین تک امداد پہنچانے کا حکم دیا ہے۔ صوبائی حکومت نے کہا ہے کہ متاثرہ اضلاع میں ریسکیو ٹیمیں موجود ہیں اور شہریوں کو محفوظ مقامات پر منتقل کیا جا رہا ہے، خیمے اور خوراک فراہم کی جا رہی ہے۔ محکمہ موسمیات کے مطابق آئندہ چند روز کے دوران بالائی علاقوں میں مزید بارشوں کا امکان
